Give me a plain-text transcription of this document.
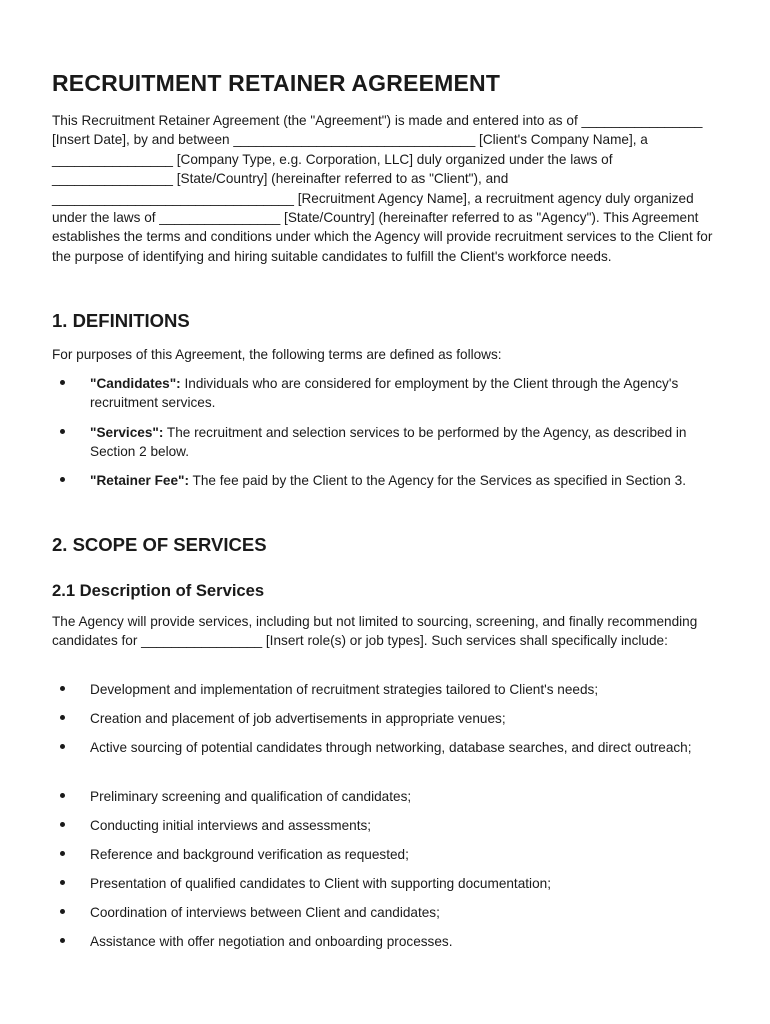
RECRUITMENT RETAINER AGREEMENT

This Recruitment Retainer Agreement (the "Agreement") is made and entered into as of ________________ [Insert Date], by and between ________________________________ [Client's Company Name], a ________________ [Company Type, e.g. Corporation, LLC] duly organized under the laws of ________________ [State/Country] (hereinafter referred to as "Client"), and ________________________________ [Recruitment Agency Name], a recruitment agency duly organized under the laws of ________________ [State/Country] (hereinafter referred to as "Agency"). This Agreement establishes the terms and conditions under which the Agency will provide recruitment services to the Client for the purpose of identifying and hiring suitable candidates to fulfill the Client's workforce needs.

1. DEFINITIONS

For purposes of this Agreement, the following terms are defined as follows:

"Candidates": Individuals who are considered for employment by the Client through the Agency's recruitment services.
"Services": The recruitment and selection services to be performed by the Agency, as described in Section 2 below.
"Retainer Fee": The fee paid by the Client to the Agency for the Services as specified in Section 3.
2. SCOPE OF SERVICES
2.1 Description of Services

The Agency will provide services, including but not limited to sourcing, screening, and finally recommending candidates for ________________ [Insert role(s) or job types]. Such services shall specifically include:

Development and implementation of recruitment strategies tailored to Client's needs;
Creation and placement of job advertisements in appropriate venues;
Active sourcing of potential candidates through networking, database searches, and direct outreach;
Preliminary screening and qualification of candidates;
Conducting initial interviews and assessments;
Reference and background verification as requested;
Presentation of qualified candidates to Client with supporting documentation;
Coordination of interviews between Client and candidates;
Assistance with offer negotiation and onboarding processes.
